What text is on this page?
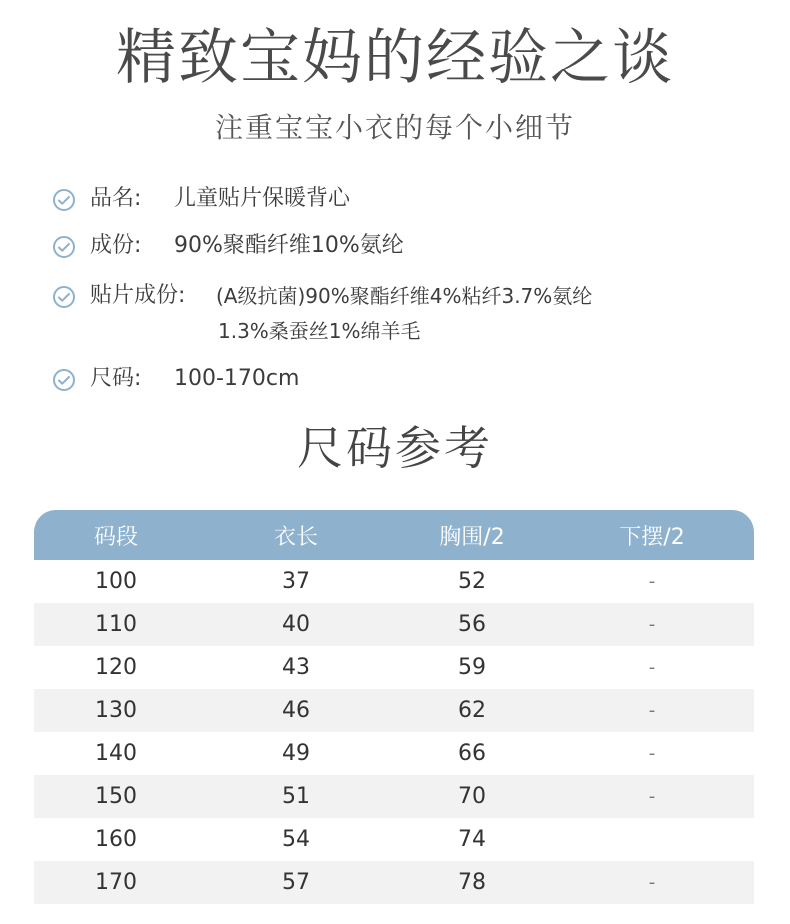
精致宝妈的经验之谈
注重宝宝小衣的每个小细节
品名:	儿童贴片保暖背心
成份:	90%聚酯纤维10%氨纶
贴片成份:	(A级抗菌)90%聚酯纤维4%粘纤3.7%氨纶
1.3%桑蚕丝1%绵羊毛
尺码:	100-170cm
尺码参考
码段	衣长	胸围/2	下摆/2
100	37	52	-
110	40	56	-
120	43	59	-
130	46	62	-
140	49	66	-
150	51	70	-
160	54	74
170	57	78	-
